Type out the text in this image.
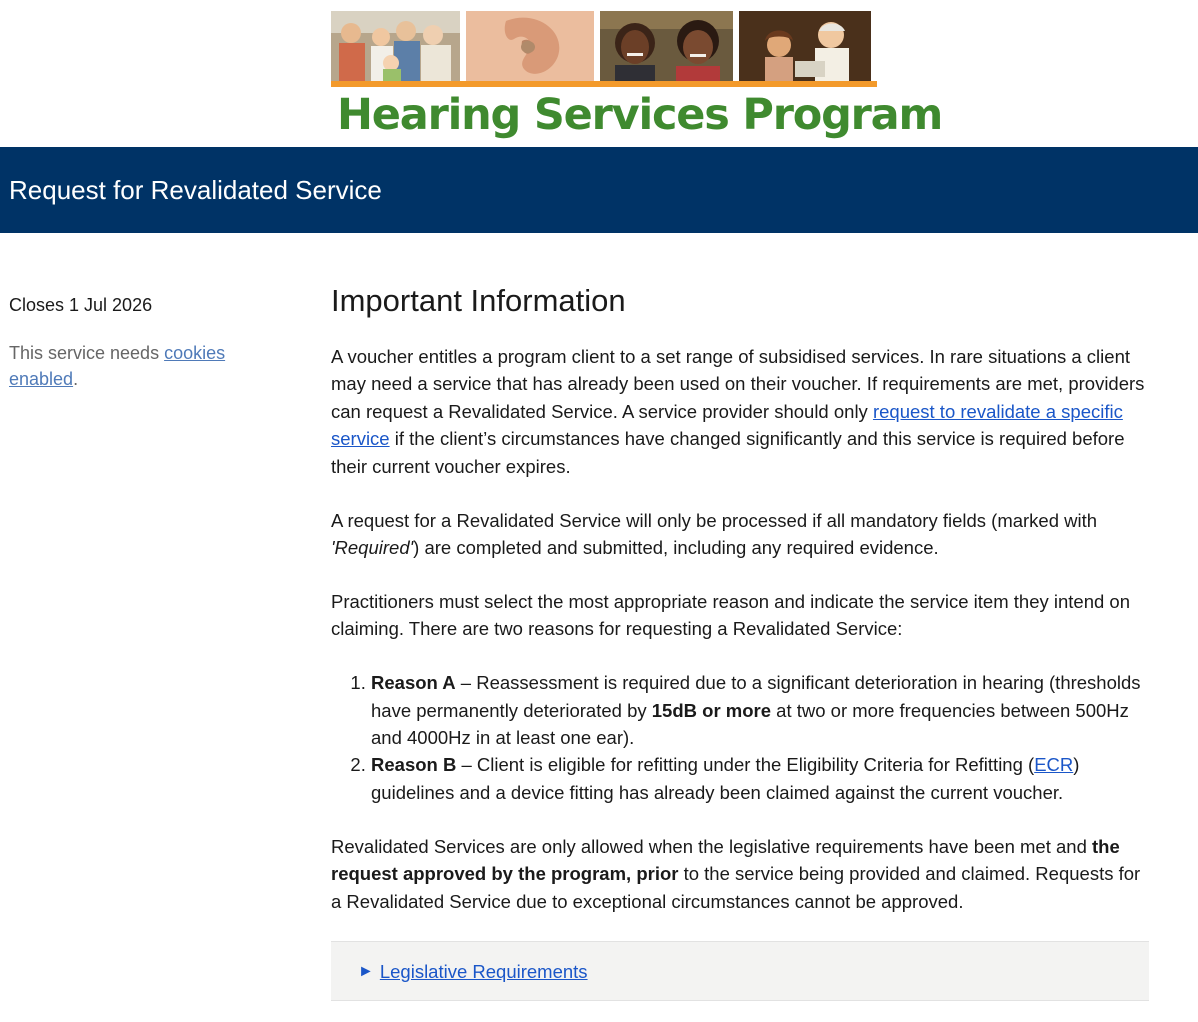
Hearing Services Program
Request for Revalidated Service

Closes 1 Jul 2026

This service needs cookies enabled.

Important Information

A voucher entitles a program client to a set range of subsidised services. In rare situations a client may need a service that has already been used on their voucher. If requirements are met, providers can request a Revalidated Service. A service provider should only request to revalidate a specific service if the client’s circumstances have changed significantly and this service is required before their current voucher expires.

A request for a Revalidated Service will only be processed if all mandatory fields (marked with 'Required') are completed and submitted, including any required evidence.

Practitioners must select the most appropriate reason and indicate the service item they intend on claiming. There are two reasons for requesting a Revalidated Service:

1. Reason A – Reassessment is required due to a significant deterioration in hearing (thresholds have permanently deteriorated by 15dB or more at two or more frequencies between 500Hz and 4000Hz in at least one ear).
2. Reason B – Client is eligible for refitting under the Eligibility Criteria for Refitting (ECR) guidelines and a device fitting has already been claimed against the current voucher.

Revalidated Services are only allowed when the legislative requirements have been met and the request approved by the program, prior to the service being provided and claimed. Requests for a Revalidated Service due to exceptional circumstances cannot be approved.

► Legislative Requirements
